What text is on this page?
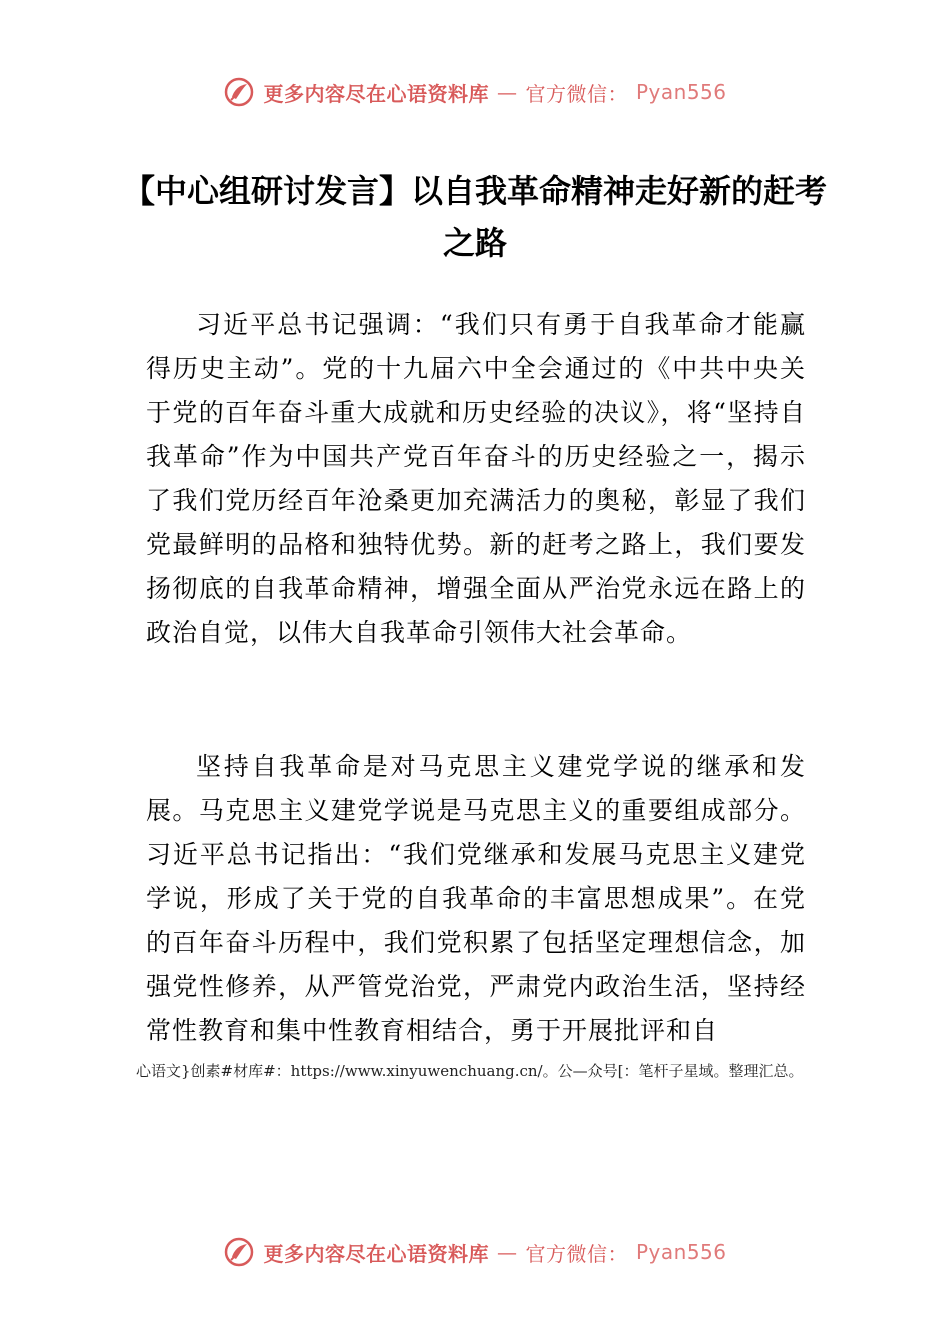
更多内容尽在心语资料库 — 官方微信： Pyan556
【中心组研讨发言】以自我革命精神走好新的赶考之路

习近平总书记强调：“我们只有勇于自我革命才能赢得历史主动”。党的十九届六中全会通过的《中共中央关于党的百年奋斗重大成就和历史经验的决议》，将“坚持自我革命”作为中国共产党百年奋斗的历史经验之一，揭示了我们党历经百年沧桑更加充满活力的奥秘，彰显了我们党最鲜明的品格和独特优势。新的赶考之路上，我们要发扬彻底的自我革命精神，增强全面从严治党永远在路上的政治自觉，以伟大自我革命引领伟大社会革命。

坚持自我革命是对马克思主义建党学说的继承和发展。马克思主义建党学说是马克思主义的重要组成部分。习近平总书记指出：“我们党继承和发展马克思主义建党学说，形成了关于党的自我革命的丰富思想成果”。在党的百年奋斗历程中，我们党积累了包括坚定理想信念，加强党性修养，从严管党治党，严肃党内政治生活，坚持经常性教育和集中性教育相结合，勇于开展批评和自

心语文}创素#材库#：https://www.xinyuwenchuang.cn/。公—众号[：笔杆子星域。整理汇总。

更多内容尽在心语资料库 — 官方微信： Pyan556
